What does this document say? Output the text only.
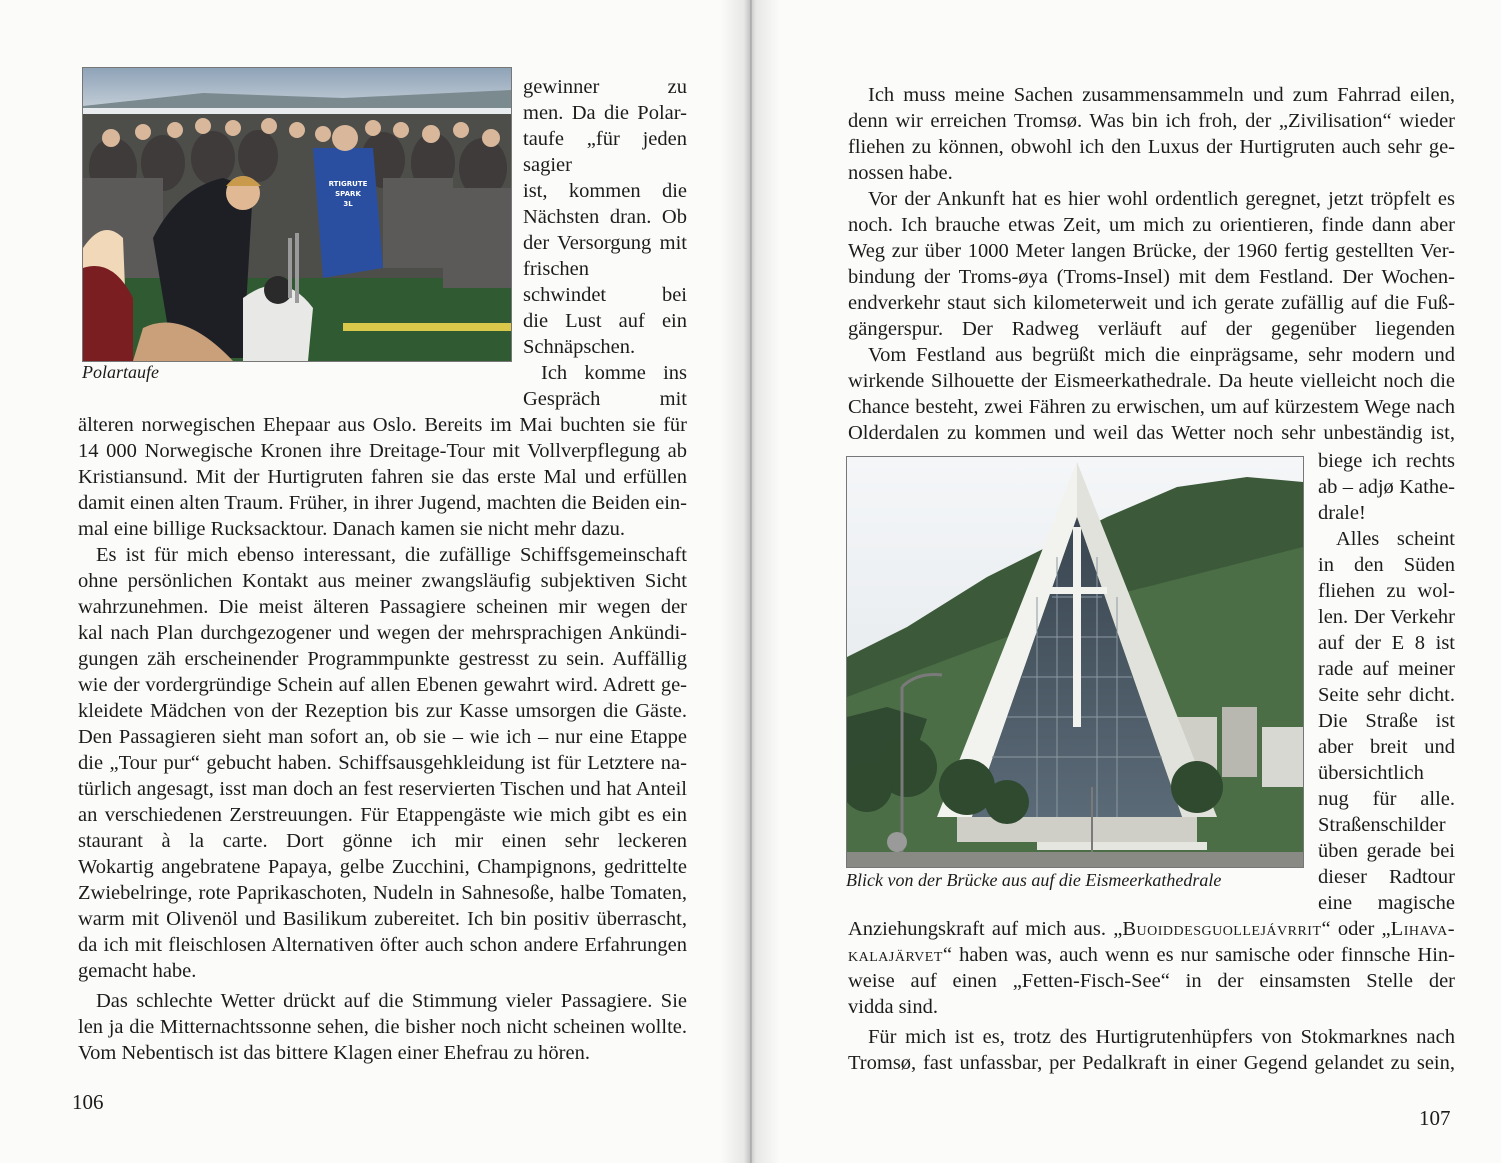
RTIGRUTE
SPARK
3L
Polartaufe
gewinner zu
men. Da die Polar-
taufe „für jeden
sagier
ist, kommen die
Nächsten dran. Ob
der Versorgung mit
frischen
schwindet bei
die Lust auf ein
Schnäpschen.
Ich komme ins
Gespräch mit
älteren norwegischen Ehepaar aus Oslo. Bereits im Mai buchten sie für
14 000 Norwegische Kronen ihre Dreitage-Tour mit Vollverpflegung ab
Kristiansund. Mit der Hurtigruten fahren sie das erste Mal und erfüllen
damit einen alten Traum. Früher, in ihrer Jugend, machten die Beiden ein-
mal eine billige Rucksacktour. Danach kamen sie nicht mehr dazu.
Es ist für mich ebenso interessant, die zufällige Schiffsgemeinschaft
ohne persönlichen Kontakt aus meiner zwangsläufig subjektiven Sicht
wahrzunehmen. Die meist älteren Passagiere scheinen mir wegen der
kal nach Plan durchgezogener und wegen der mehrsprachigen Ankündi-
gungen zäh erscheinender Programmpunkte gestresst zu sein. Auffällig
wie der vordergründige Schein auf allen Ebenen gewahrt wird. Adrett ge-
kleidete Mädchen von der Rezeption bis zur Kasse umsorgen die Gäste.
Den Passagieren sieht man sofort an, ob sie – wie ich – nur eine Etappe
die „Tour pur“ gebucht haben. Schiffsausgehkleidung ist für Letztere na-
türlich angesagt, isst man doch an fest reservierten Tischen und hat Anteil
an verschiedenen Zerstreuungen. Für Etappengäste wie mich gibt es ein
staurant à la carte. Dort gönne ich mir einen sehr leckeren
Wokartig angebratene Papaya, gelbe Zucchini, Champignons, gedrittelte
Zwiebelringe, rote Paprikaschoten, Nudeln in Sahnesoße, halbe Tomaten,
warm mit Olivenöl und Basilikum zubereitet. Ich bin positiv überrascht,
da ich mit fleischlosen Alternativen öfter auch schon andere Erfahrungen
gemacht habe.
Das schlechte Wetter drückt auf die Stimmung vieler Passagiere. Sie
len ja die Mitternachtssonne sehen, die bisher noch nicht scheinen wollte.
Vom Nebentisch ist das bittere Klagen einer Ehefrau zu hören.
106
Ich muss meine Sachen zusammensammeln und zum Fahrrad eilen,
denn wir erreichen Tromsø. Was bin ich froh, der „Zivilisation“ wieder
fliehen zu können, obwohl ich den Luxus der Hurtigruten auch sehr ge-
nossen habe.
Vor der Ankunft hat es hier wohl ordentlich geregnet, jetzt tröpfelt es
noch. Ich brauche etwas Zeit, um mich zu orientieren, finde dann aber
Weg zur über 1000 Meter langen Brücke, der 1960 fertig gestellten Ver-
bindung der Troms-øya (Troms-Insel) mit dem Festland. Der Wochen-
endverkehr staut sich kilometerweit und ich gerate zufällig auf die Fuß-
gängerspur. Der Radweg verläuft auf der gegenüber liegenden
Vom Festland aus begrüßt mich die einprägsame, sehr modern und
wirkende Silhouette der Eismeerkathedrale. Da heute vielleicht noch die
Chance besteht, zwei Fähren zu erwischen, um auf kürzestem Wege nach
Olderdalen zu kommen und weil das Wetter noch sehr unbeständig ist,
Blick von der Brücke aus auf die Eismeerkathedrale
biege ich rechts
ab – adjø Kathe-
drale!
Alles scheint
in den Süden
fliehen zu wol-
len. Der Verkehr
auf der E 8 ist
rade auf meiner
Seite sehr dicht.
Die Straße ist
aber breit und
übersichtlich
nug für alle.
Straßenschilder
üben gerade bei
dieser Radtour
eine magische
Anziehungskraft auf mich aus. „Buoiddesguollejávrrit“ oder „Lihava-
kalajärvet“ haben was, auch wenn es nur samische oder finnsche Hin-
weise auf einen „Fetten-Fisch-See“ in der einsamsten Stelle der
vidda sind.
Für mich ist es, trotz des Hurtigrutenhüpfers von Stokmarknes nach
Tromsø, fast unfassbar, per Pedalkraft in einer Gegend gelandet zu sein,
107
